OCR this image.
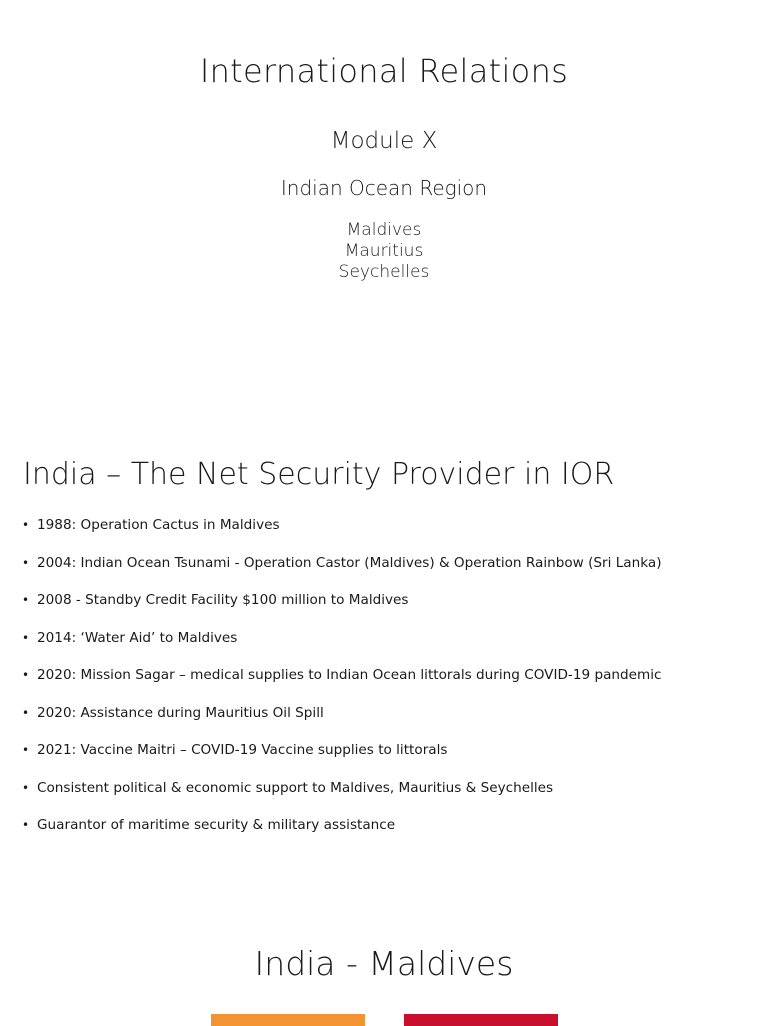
International Relations
Module X
Indian Ocean Region
Maldives
Mauritius
Seychelles
India – The Net Security Provider in IOR
• 1988: Operation Cactus in Maldives
• 2004: Indian Ocean Tsunami - Operation Castor (Maldives) & Operation Rainbow (Sri Lanka)
• 2008 - Standby Credit Facility $100 million to Maldives
• 2014: ‘Water Aid’ to Maldives
• 2020: Mission Sagar – medical supplies to Indian Ocean littorals during COVID-19 pandemic
• 2020: Assistance during Mauritius Oil Spill
• 2021: Vaccine Maitri – COVID-19 Vaccine supplies to littorals
• Consistent political & economic support to Maldives, Mauritius & Seychelles
• Guarantor of maritime security & military assistance
India - Maldives
